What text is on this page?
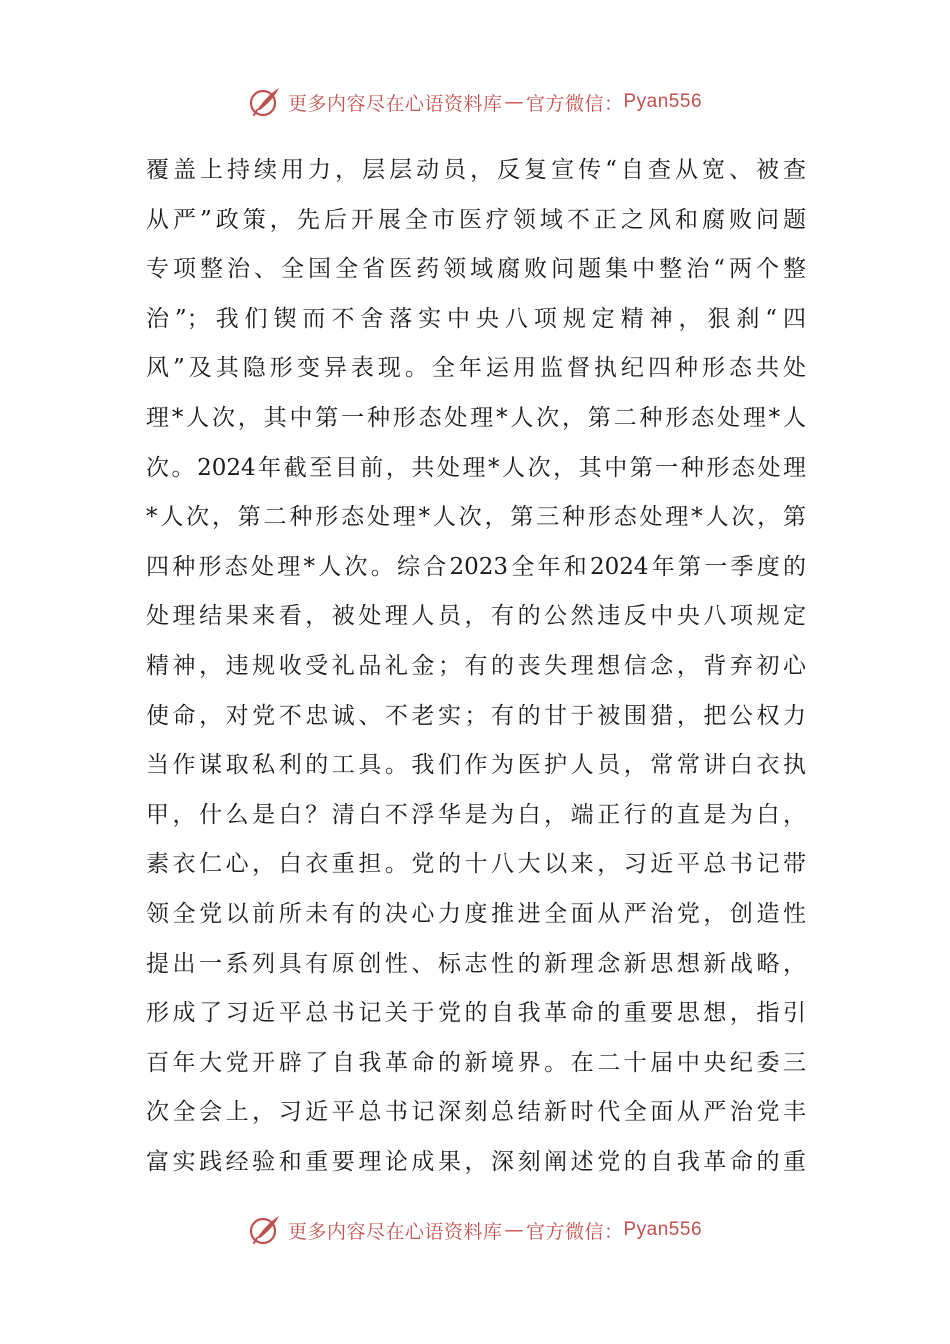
更多内容尽在心语资料库 — 官方微信： Pyan556
覆盖上持续用力，层层动员，反复宣传“自查从宽、被查
从严”政策，先后开展全市医疗领域不正之风和腐败问题
专项整治、全国全省医药领域腐败问题集中整治“两个整
治”；我们锲而不舍落实中央八项规定精神，狠刹“四
风”及其隐形变异表现。全年运用监督执纪四种形态共处
理*人次，其中第一种形态处理*人次，第二种形态处理*人
次。2024年截至目前，共处理*人次，其中第一种形态处理
*人次，第二种形态处理*人次，第三种形态处理*人次，第
四种形态处理*人次。综合2023全年和2024年第一季度的
处理结果来看，被处理人员，有的公然违反中央八项规定
精神，违规收受礼品礼金；有的丧失理想信念，背弃初心
使命，对党不忠诚、不老实；有的甘于被围猎，把公权力
当作谋取私利的工具。我们作为医护人员，常常讲白衣执
甲，什么是白？清白不浮华是为白，端正行的直是为白，
素衣仁心，白衣重担。党的十八大以来，习近平总书记带
领全党以前所未有的决心力度推进全面从严治党，创造性
提出一系列具有原创性、标志性的新理念新思想新战略，
形成了习近平总书记关于党的自我革命的重要思想，指引
百年大党开辟了自我革命的新境界。在二十届中央纪委三
次全会上，习近平总书记深刻总结新时代全面从严治党丰
富实践经验和重要理论成果，深刻阐述党的自我革命的重
更多内容尽在心语资料库 — 官方微信： Pyan556
